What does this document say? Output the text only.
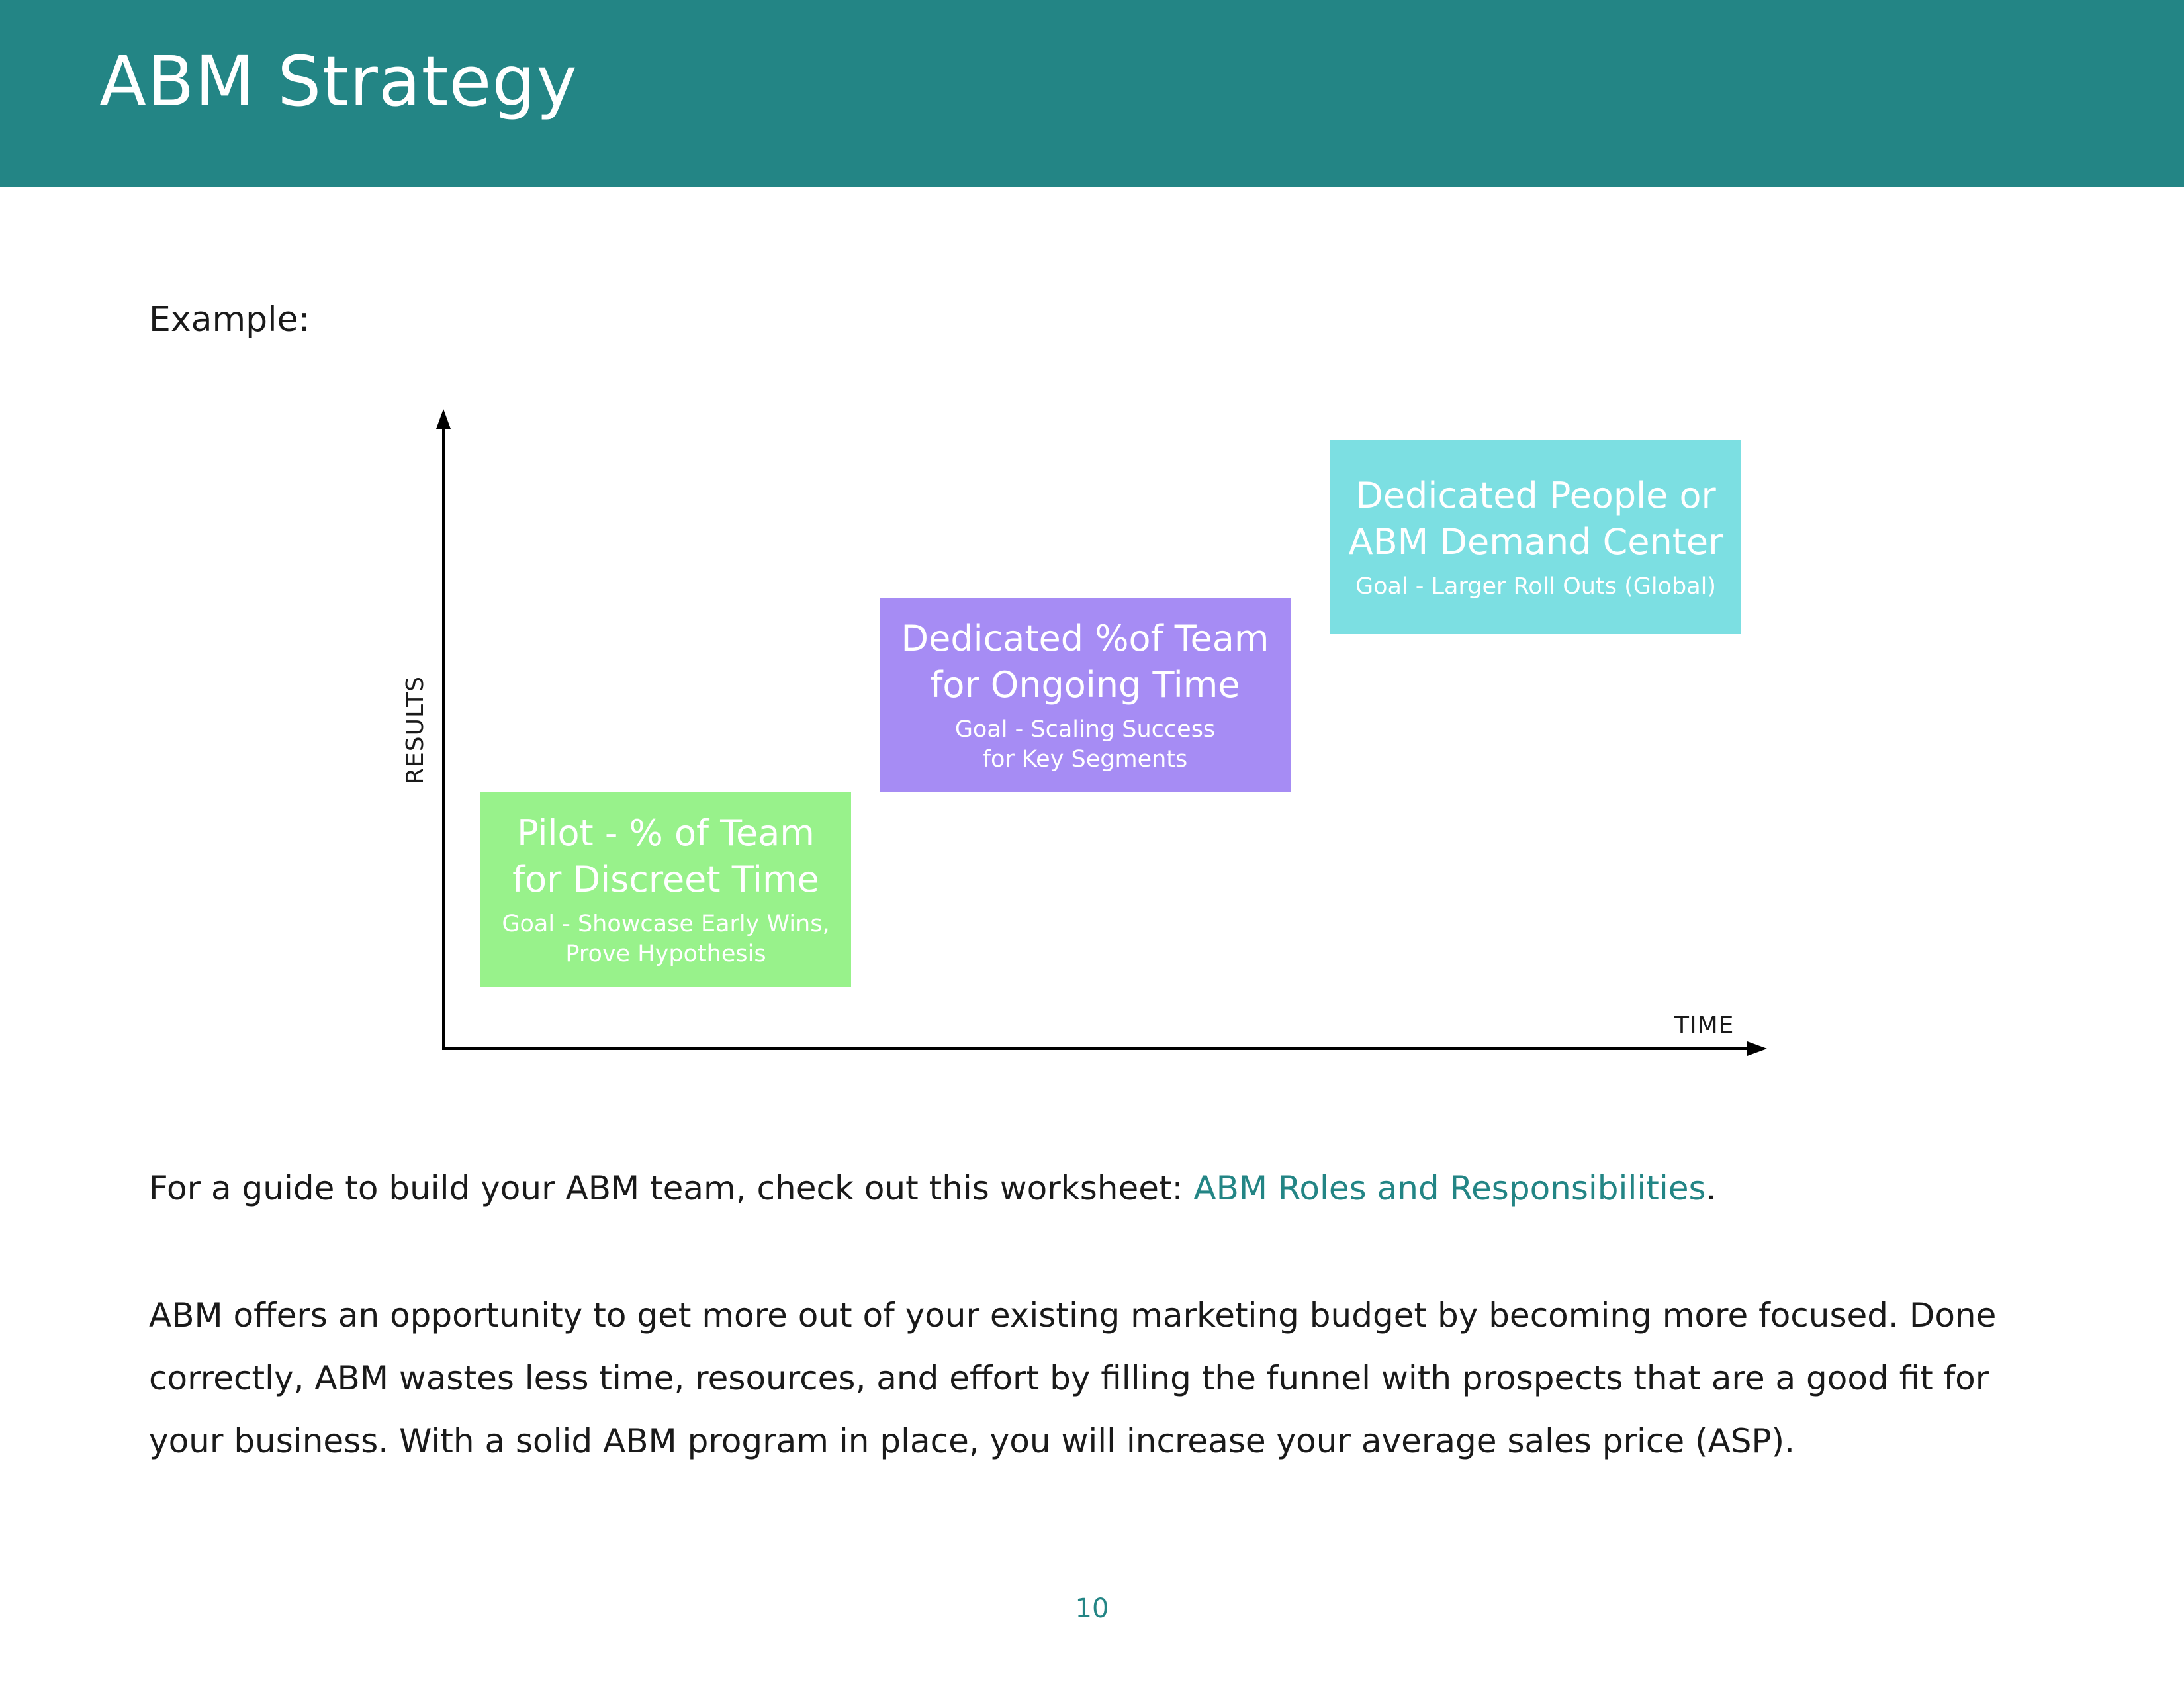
ABM Strategy
Example:
RESULTS
TIME
Pilot - % of Team
for Discreet Time
Goal - Showcase Early Wins,
Prove Hypothesis
Dedicated %of Team
for Ongoing Time
Goal - Scaling Success
for Key Segments
Dedicated People or
ABM Demand Center
Goal - Larger Roll Outs (Global)
For a guide to build your ABM team, check out this worksheet: ABM Roles and Responsibilities.
ABM offers an opportunity to get more out of your existing marketing budget by becoming more focused. Done correctly, ABM wastes less time, resources, and effort by filling the funnel with prospects that are a good fit for your business. With a solid ABM program in place, you will increase your average sales price (ASP).
10
